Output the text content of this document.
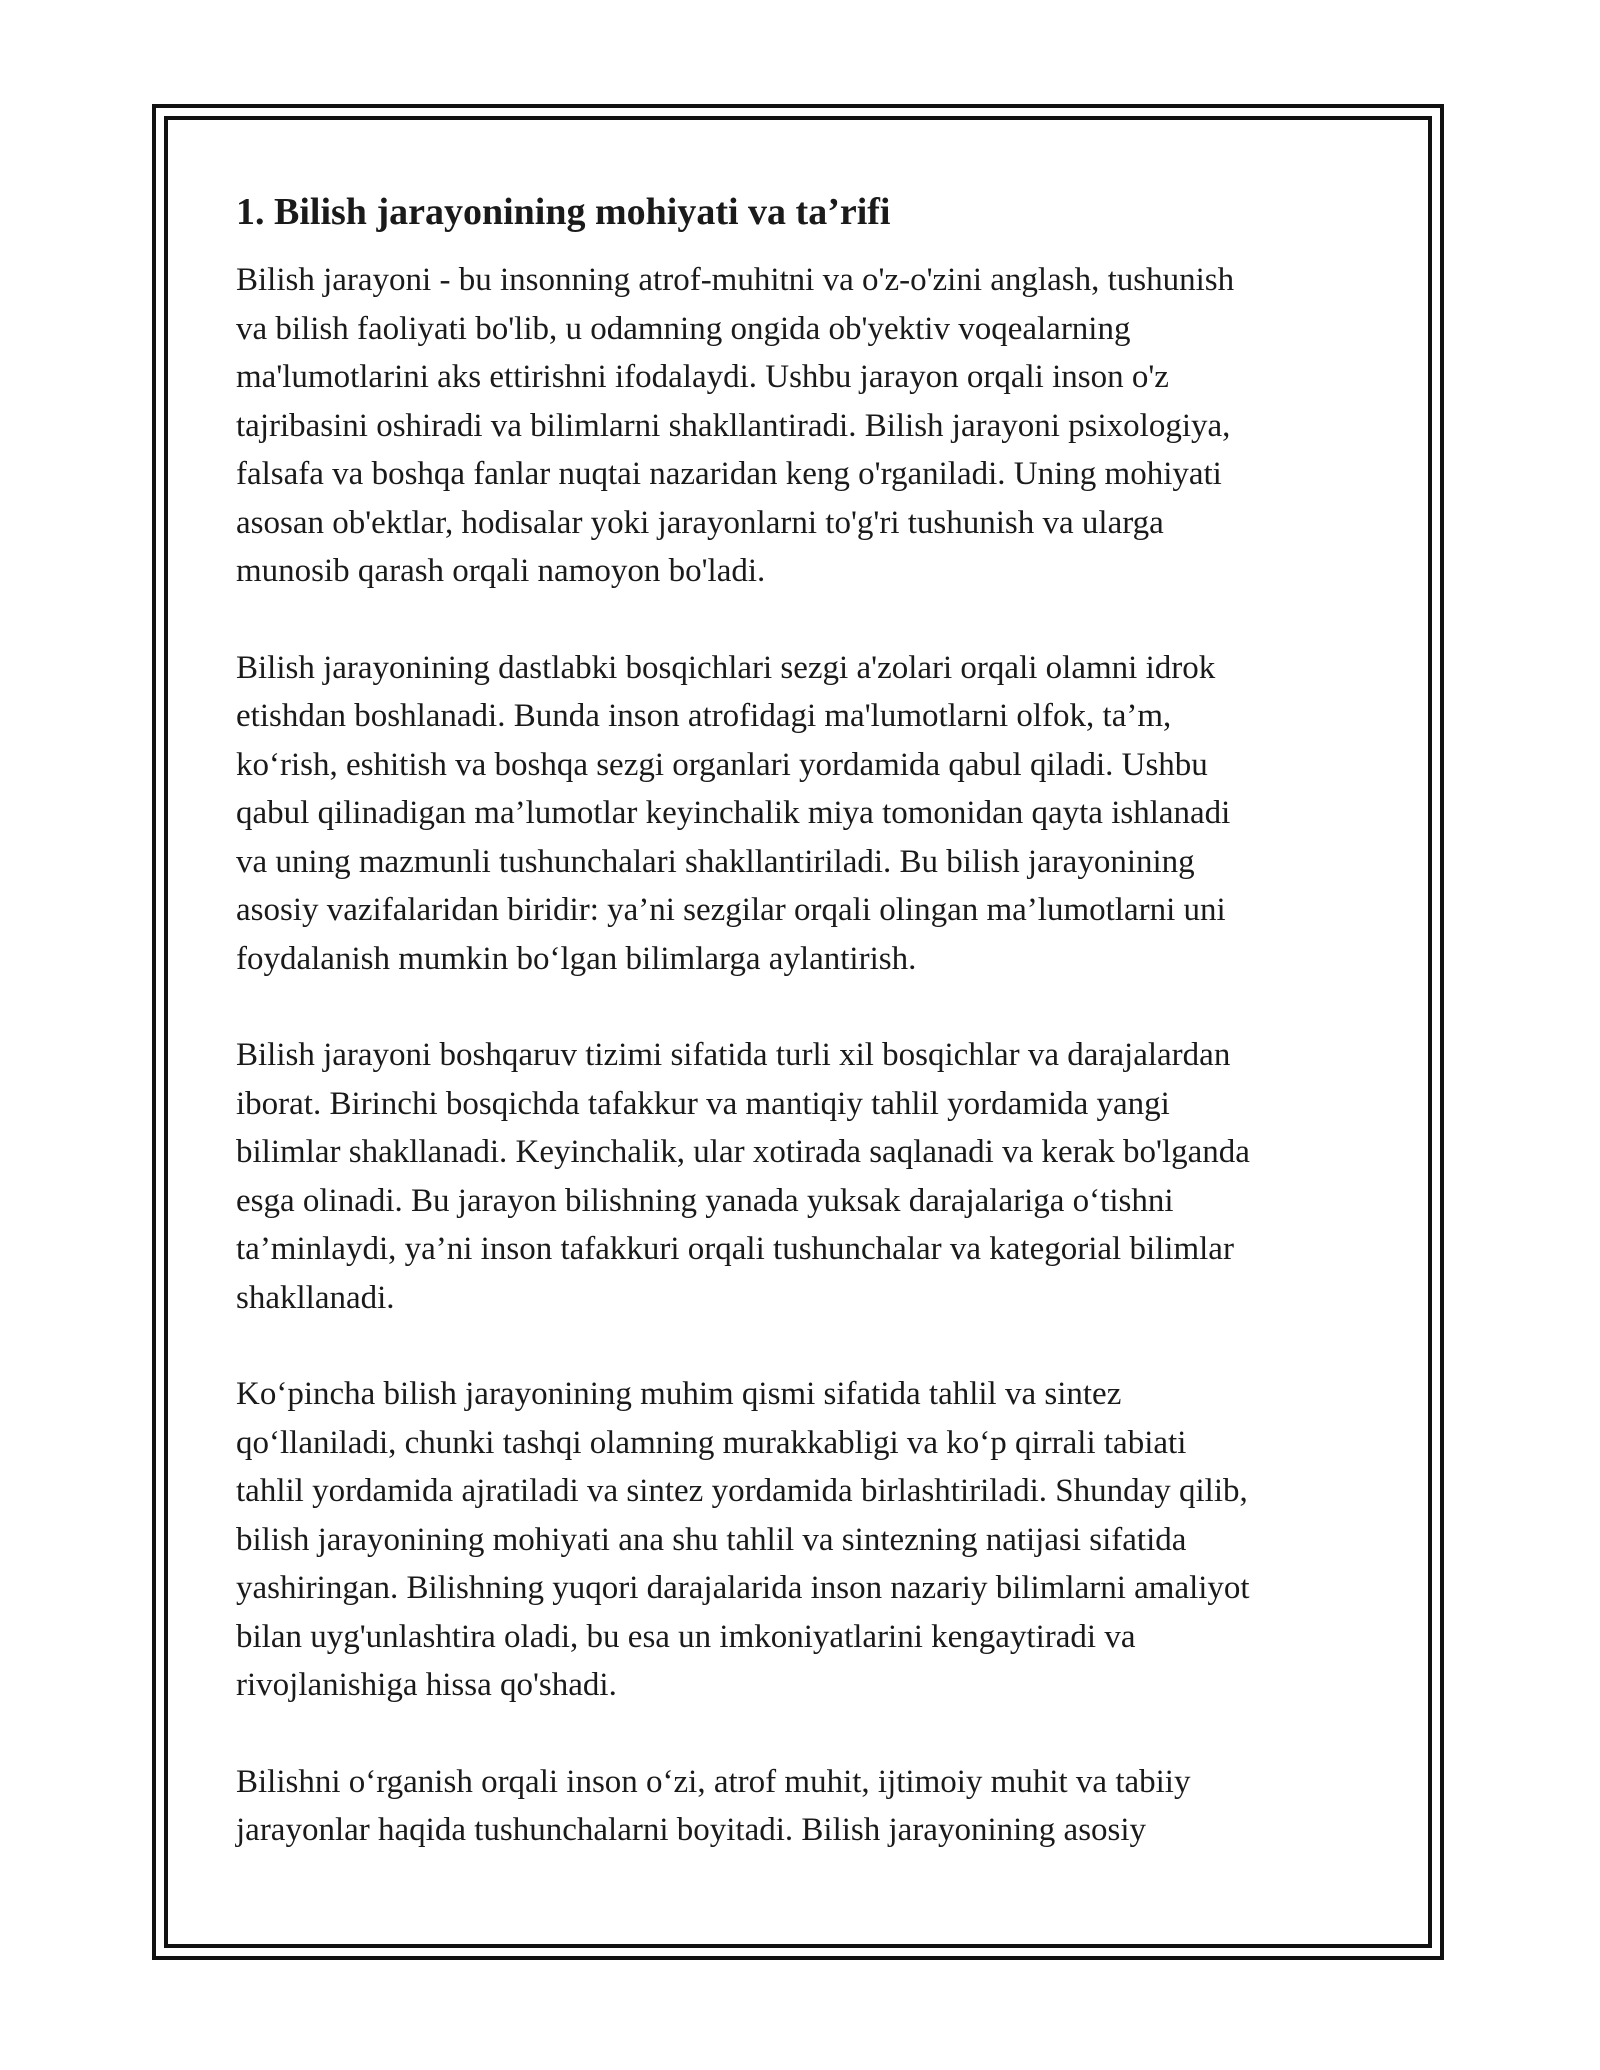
1. Bilish jarayonining mohiyati va ta’rifi
Bilish jarayoni - bu insonning atrof-muhitni va o'z-o'zini anglash, tushunish
va bilish faoliyati bo'lib, u odamning ongida ob'yektiv voqealarning
ma'lumotlarini aks ettirishni ifodalaydi. Ushbu jarayon orqali inson o'z
tajribasini oshiradi va bilimlarni shakllantiradi. Bilish jarayoni psixologiya,
falsafa va boshqa fanlar nuqtai nazaridan keng o'rganiladi. Uning mohiyati
asosan ob'ektlar, hodisalar yoki jarayonlarni to'g'ri tushunish va ularga
munosib qarash orqali namoyon bo'ladi.
Bilish jarayonining dastlabki bosqichlari sezgi a'zolari orqali olamni idrok
etishdan boshlanadi. Bunda inson atrofidagi ma'lumotlarni olfok, ta’m,
ko‘rish, eshitish va boshqa sezgi organlari yordamida qabul qiladi. Ushbu
qabul qilinadigan ma’lumotlar keyinchalik miya tomonidan qayta ishlanadi
va uning mazmunli tushunchalari shakllantiriladi. Bu bilish jarayonining
asosiy vazifalaridan biridir: ya’ni sezgilar orqali olingan ma’lumotlarni uni
foydalanish mumkin bo‘lgan bilimlarga aylantirish.
Bilish jarayoni boshqaruv tizimi sifatida turli xil bosqichlar va darajalardan
iborat. Birinchi bosqichda tafakkur va mantiqiy tahlil yordamida yangi
bilimlar shakllanadi. Keyinchalik, ular xotirada saqlanadi va kerak bo'lganda
esga olinadi. Bu jarayon bilishning yanada yuksak darajalariga o‘tishni
ta’minlaydi, ya’ni inson tafakkuri orqali tushunchalar va kategorial bilimlar
shakllanadi.
Ko‘pincha bilish jarayonining muhim qismi sifatida tahlil va sintez
qo‘llaniladi, chunki tashqi olamning murakkabligi va ko‘p qirrali tabiati
tahlil yordamida ajratiladi va sintez yordamida birlashtiriladi. Shunday qilib,
bilish jarayonining mohiyati ana shu tahlil va sintezning natijasi sifatida
yashiringan. Bilishning yuqori darajalarida inson nazariy bilimlarni amaliyot
bilan uyg'unlashtira oladi, bu esa un imkoniyatlarini kengaytiradi va
rivojlanishiga hissa qo'shadi.
Bilishni o‘rganish orqali inson o‘zi, atrof muhit, ijtimoiy muhit va tabiiy
jarayonlar haqida tushunchalarni boyitadi. Bilish jarayonining asosiy
